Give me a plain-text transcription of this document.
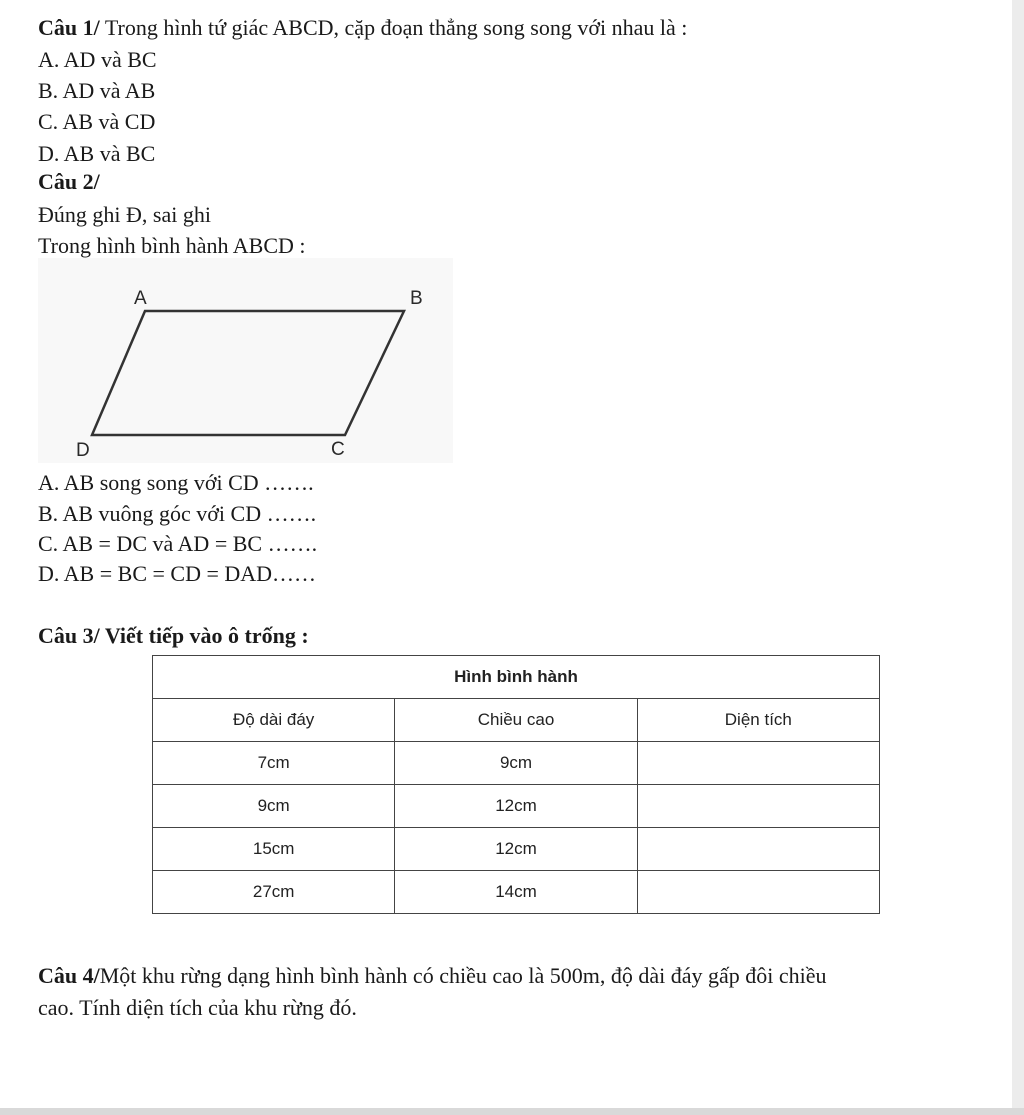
Câu 1/ Trong hình tứ giác ABCD, cặp đoạn thẳng song song với nhau là :
A. AD và BC
B. AD và AB
C. AB và CD
D. AB và BC
Câu 2/
Đúng ghi Đ, sai ghi
Trong hình bình hành ABCD :
A	B
C
D
A. AB song song với CD …….
B. AB vuông góc với CD …….
C. AB = DC và AD = BC …….
D. AB = BC = CD = DAD……
Câu 3/ Viết tiếp vào ô trống :
Hình bình hành		
Độ dài đáy	Chiều cao	Diện tích
7cm	9cm	
9cm	12cm	
15cm	12cm	
27cm	14cm	
Câu 4/Một khu rừng dạng hình bình hành có chiều cao là 500m, độ dài đáy gấp đôi chiều
cao. Tính diện tích của khu rừng đó.
